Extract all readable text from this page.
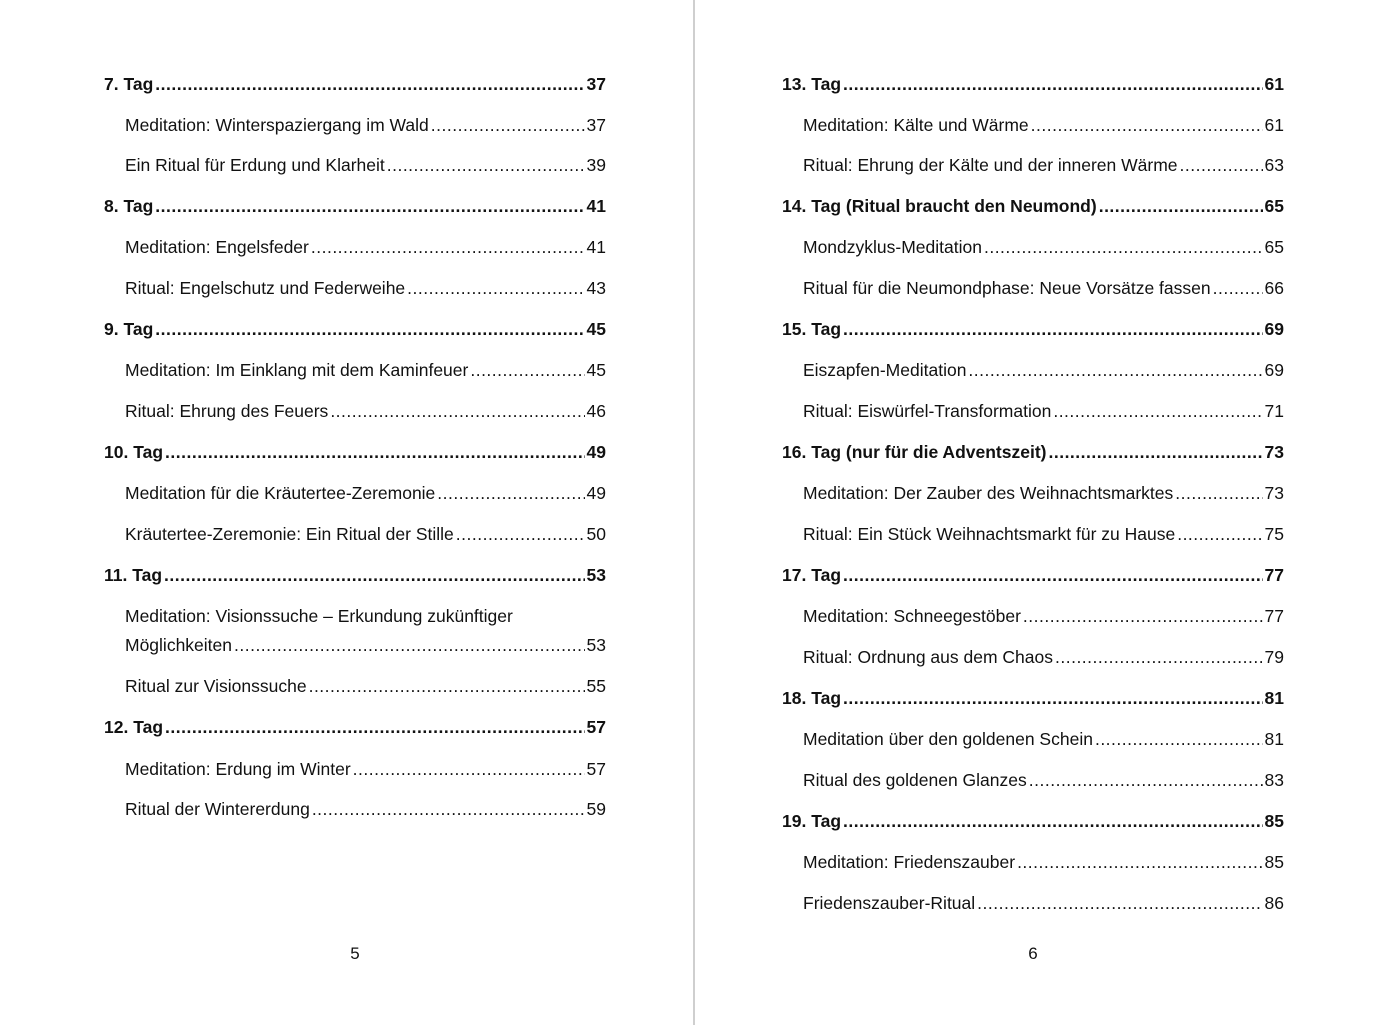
7. Tag .....	37
Meditation: Winterspaziergang im Wald .....	37
Ein Ritual für Erdung und Klarheit .....	39
8. Tag .....	41
Meditation: Engelsfeder .....	41
Ritual: Engelschutz und Federweihe .....	43
9. Tag .....	45
Meditation: Im Einklang mit dem Kaminfeuer .....	45
Ritual: Ehrung des Feuers .....	46
10. Tag .....	49
Meditation für die Kräutertee-Zeremonie .....	49
Kräutertee-Zeremonie: Ein Ritual der Stille .....	50
11. Tag .....	53
Meditation: Visionssuche – Erkundung zukünftiger
Möglichkeiten .....	53
Ritual zur Visionssuche .....	55
12. Tag .....	57
Meditation: Erdung im Winter .....	57
Ritual der Wintererdung .....	59
5
13. Tag .....	61
Meditation: Kälte und Wärme .....	61
Ritual: Ehrung der Kälte und der inneren Wärme .....	63
14. Tag (Ritual braucht den Neumond) .....	65
Mondzyklus-Meditation .....	65
Ritual für die Neumondphase: Neue Vorsätze fassen .....	66
15. Tag .....	69
Eiszapfen-Meditation .....	69
Ritual: Eiswürfel-Transformation .....	71
16. Tag (nur für die Adventszeit) .....	73
Meditation: Der Zauber des Weihnachtsmarktes .....	73
Ritual: Ein Stück Weihnachtsmarkt für zu Hause .....	75
17. Tag .....	77
Meditation: Schneegestöber .....	77
Ritual: Ordnung aus dem Chaos .....	79
18. Tag .....	81
Meditation über den goldenen Schein .....	81
Ritual des goldenen Glanzes .....	83
19. Tag .....	85
Meditation: Friedenszauber .....	85
Friedenszauber-Ritual .....	86
6
